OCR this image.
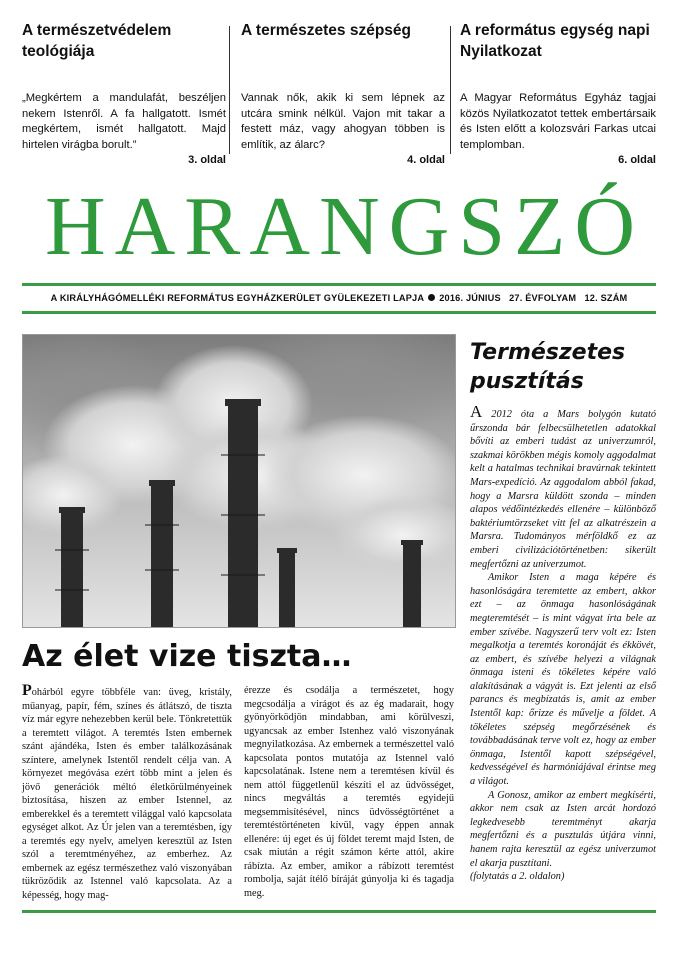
A természetvédelem teológiája

„Megkértem a mandulafát, beszéljen nekem Istenről. A fa hallgatott. Ismét megkértem, ismét hallgatott. Majd hirtelen virágba borult.”

3. oldal
A természetes szépség

Vannak nők, akik ki sem lépnek az utcára smink nélkül. Vajon mit takar a festett máz, vagy ahogyan többen is említik, az álarc?

4. oldal
A református egység napi Nyilatkozat

A Magyar Református Egyház tagjai közös Nyilatkozatot tettek embertársaik és Isten előtt a kolozsvári Farkas utcai templomban.

6. oldal
HARANGSZÓ
A KIRÁLYHÁGÓMELLÉKI REFORMÁTUS EGYHÁZKERÜLET GYÜLEKEZETI LAPJA 2016. JÚNIUS 27. ÉVFOLYAM 12. SZÁM
Az élet vize tiszta…

Pohárból egyre többféle van: üveg, kristály, műanyag, papír, fém, színes és átlátszó, de tiszta víz már egyre nehezebben kerül bele. Tönkretettük a teremtett világot. A teremtés Isten embernek szánt ajándéka, Isten és ember találkozásának színtere, amelynek Istentől rendelt célja van. A környezet megóvása ezért több mint a jelen és jövő generációk méltó életkörülményeinek biztosítása, hiszen az ember Istennel, az emberekkel és a teremtett világgal való kapcsolata egységet alkot. Az Úr jelen van a teremtésben, így a teremtés egy nyelv, amelyen keresztül az Isten szól a teremtményéhez, az emberhez. Az embernek az egész természethez való viszonyában tükröződik az Istennel való kapcsolata. Az a képesség, hogy mag-

érezze és csodálja a természetet, hogy megcsodálja a virágot és az ég madarait, hogy gyönyörködjön mindabban, ami körülveszi, ugyancsak az ember Istenhez való viszonyának megnyilatkozása. Az embernek a természettel való kapcsolata pontos mutatója az Istennel való kapcsolatának. Istene nem a teremtésen kívül és nem attól függetlenül készíti el az üdvösséget, nincs megváltás a teremtés egyidejű megsemmisítésével, nincs üdvösségtörténet a teremtéstörténeten kívül, vagy éppen annak ellenére: új eget és új földet teremt majd Isten, de csak miután a régit számon kérte attól, akire rábízta. Az ember, amikor a rábízott teremtést rombolja, saját ítélő bíráját gúnyolja ki és tagadja meg.

Természetes pusztítás

A 2012 óta a Mars bolygón kutató űrszonda bár felbecsülhetetlen adatokkal bővíti az emberi tudást az univerzumról, szakmai körökben mégis komoly aggodalmat kelt a hatalmas technikai bravúrnak tekintett Mars-expedíció. Az aggodalom abból fakad, hogy a Marsra küldött szonda – minden alapos védőintézkedés ellenére – különböző baktériumtörzseket vitt fel az alkatrészein a Marsra. Tudományos mérföldkő ez az emberi civilizációtörténetben: sikerült megfertőzni az univerzumot.

Amikor Isten a maga képére és hasonlóságára teremtette az embert, akkor ezt – az önmaga hasonlóságának megteremtését – is mint vágyat írta bele az ember szívébe. Nagyszerű terv volt ez: Isten megalkotja a teremtés koronáját és ékkövét, az embert, és szívébe helyezi a világnak önmaga isteni és tökéletes képére való alakításának a vágyát is. Ezt jelenti az első parancs és megbízatás is, amit az ember Istentől kap: őrizze és művelje a földet. A tökéletes szépség megőrzésének és továbbadásának terve volt ez, hogy az ember önmaga, Istentől kapott szépségével, kedvességével és harmóniájával érintse meg a világot.

A Gonosz, amikor az embert megkísérti, akkor nem csak az Isten arcát hordozó legkedvesebb teremtményt akarja megfertőzni és a pusztulás útjára vinni, hanem rajta keresztül az egész univerzumot el akarja pusztítani.

(folytatás a 2. oldalon)
